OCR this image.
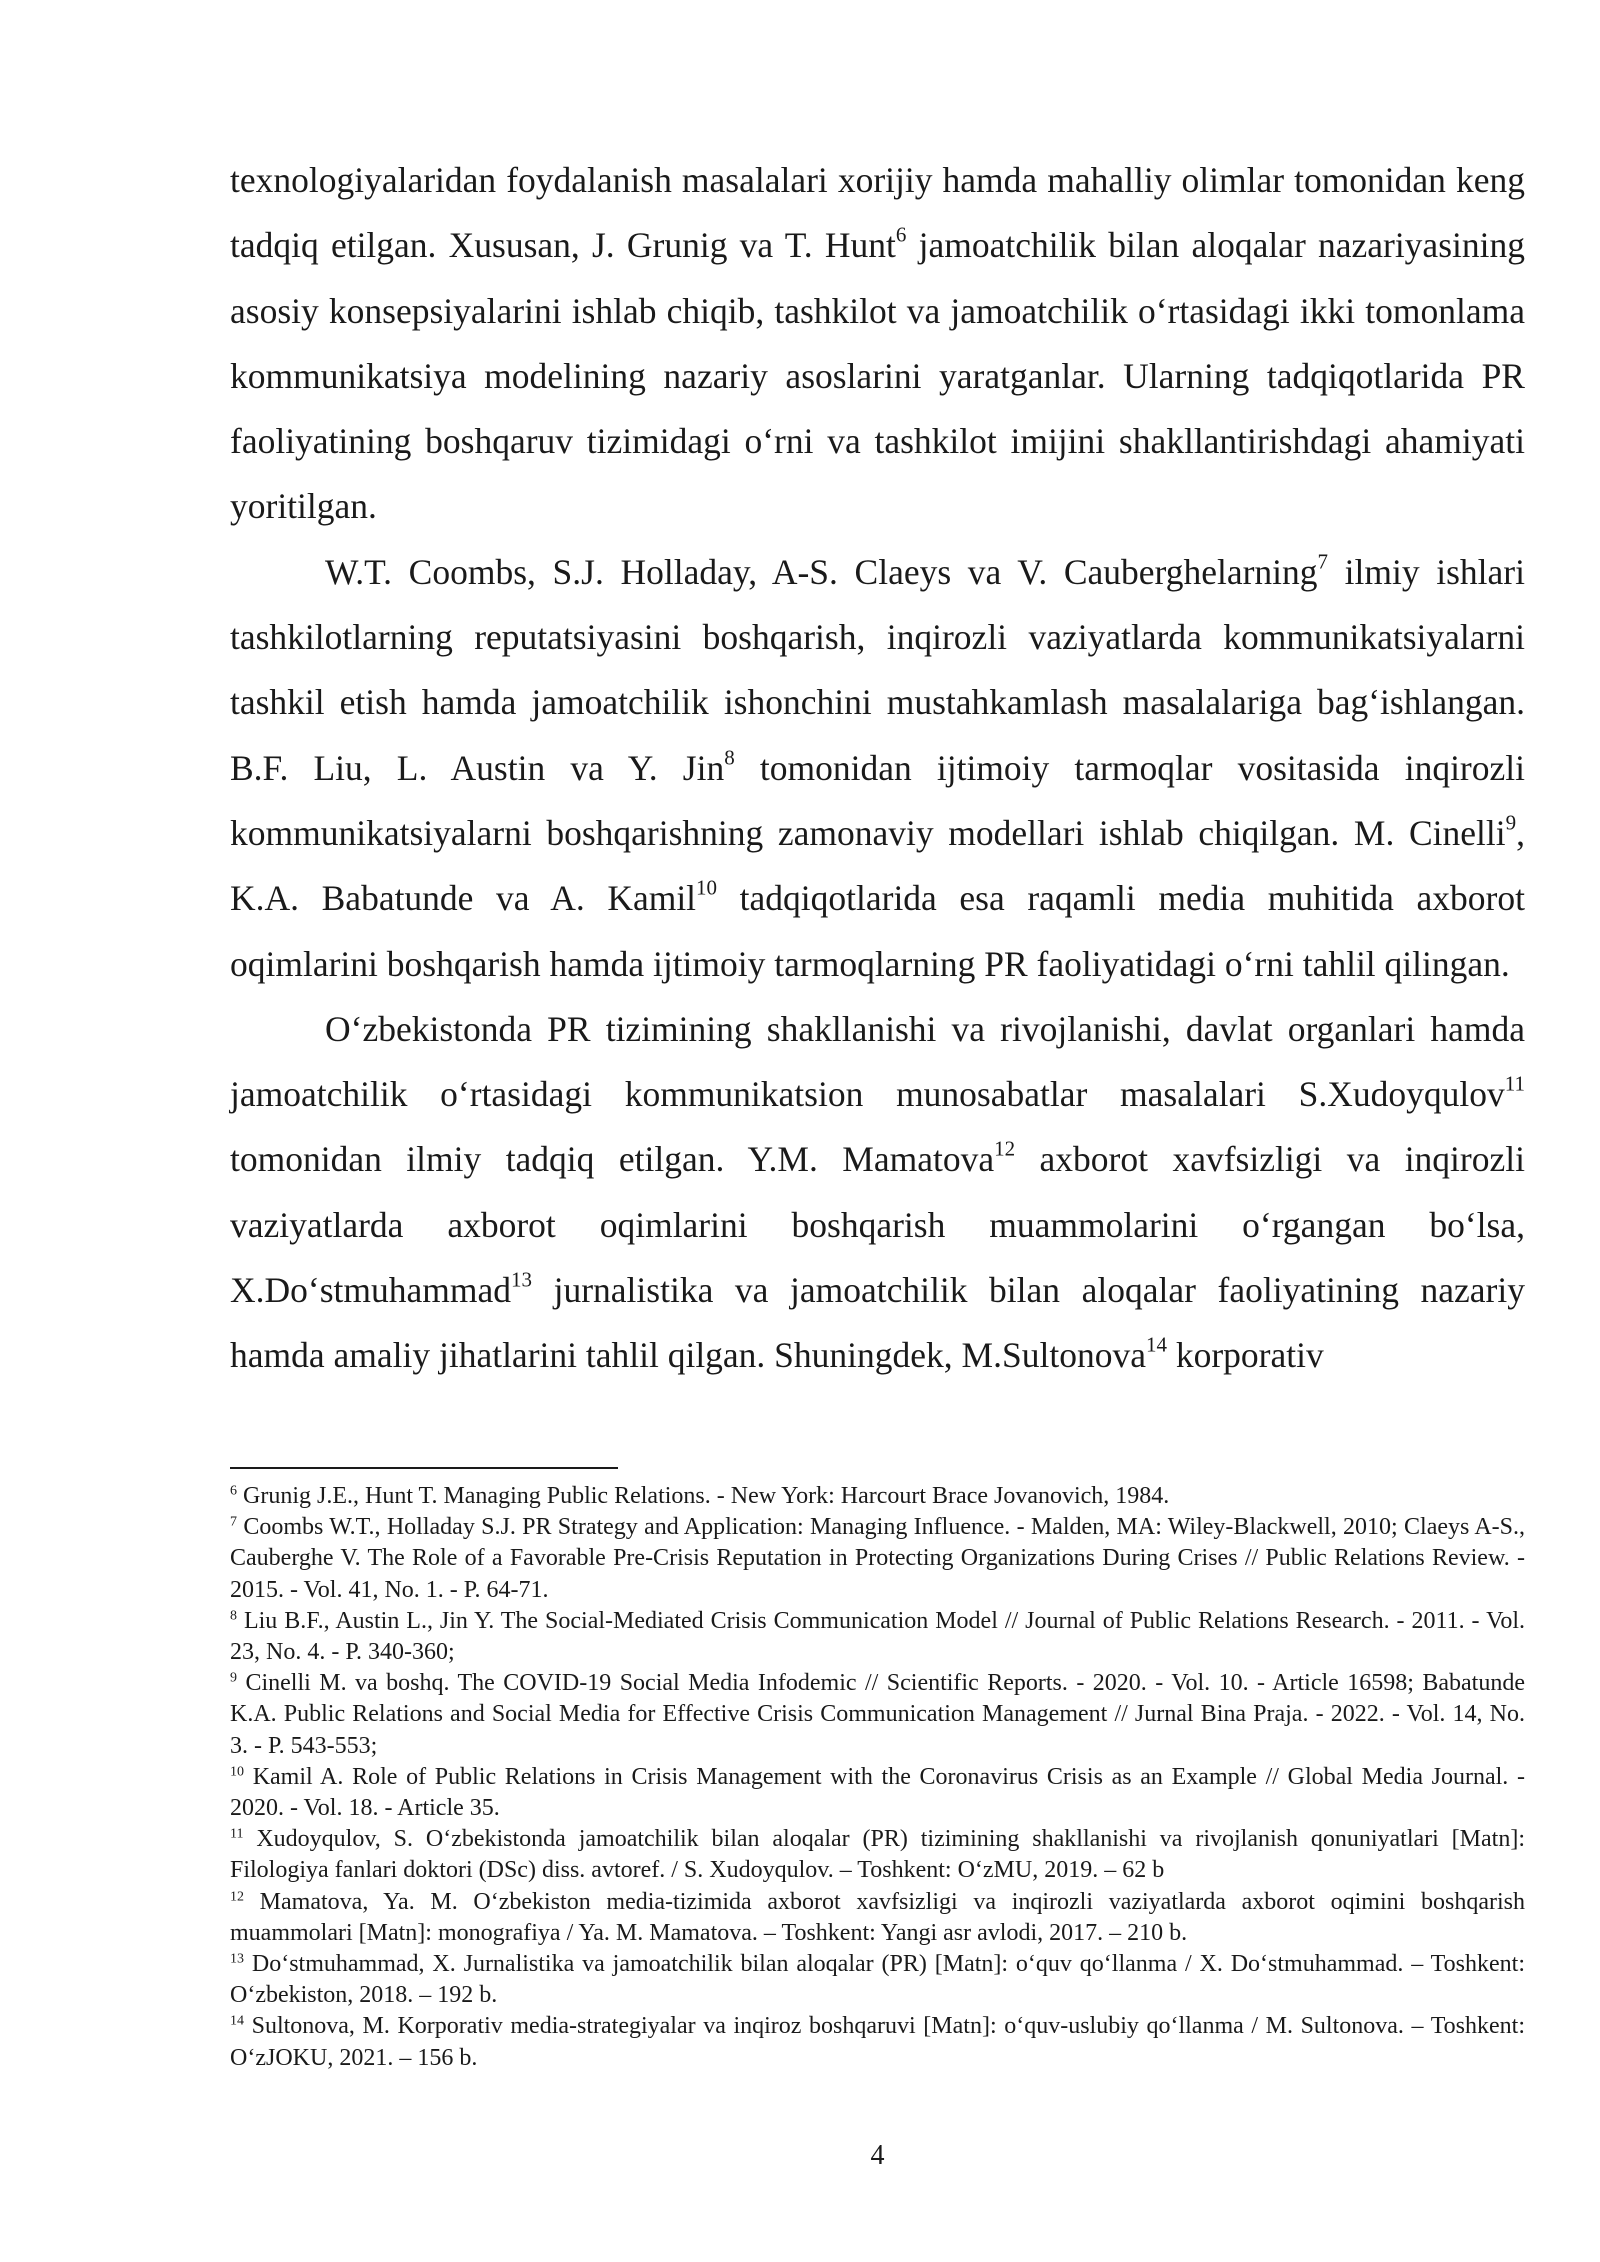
texnologiyalaridan foydalanish masalalari xorijiy hamda mahalliy olimlar tomonidan keng tadqiq etilgan. Xususan, J. Grunig va T. Hunt$^6$ jamoatchilik bilan aloqalar nazariyasining asosiy konsepsiyalarini ishlab chiqib, tashkilot va jamoatchilik o‘rtasidagi ikki tomonlama kommunikatsiya modelining nazariy asoslarini yaratganlar. Ularning tadqiqotlarida PR faoliyatining boshqaruv tizimidagi o‘rni va tashkilot imijini shakllantirishdagi ahamiyati yoritilgan.

W.T. Coombs, S.J. Holladay, A-S. Claeys va V. Cauberghelarning$^7$ ilmiy ishlari tashkilotlarning reputatsiyasini boshqarish, inqirozli vaziyatlarda kommunikatsiyalarni tashkil etish hamda jamoatchilik ishonchini mustahkamlash masalalariga bag‘ishlangan. B.F. Liu, L. Austin va Y. Jin$^8$ tomonidan ijtimoiy tarmoqlar vositasida inqirozli kommunikatsiyalarni boshqarishning zamonaviy modellari ishlab chiqilgan. M. Cinelli$^9$, K.A. Babatunde va A. Kamil$^{10}$ tadqiqotlarida esa raqamli media muhitida axborot oqimlarini boshqarish hamda ijtimoiy tarmoqlarning PR faoliyatidagi o‘rni tahlil qilingan.

O‘zbekistonda PR tizimining shakllanishi va rivojlanishi, davlat organlari hamda jamoatchilik o‘rtasidagi kommunikatsion munosabatlar masalalari S.Xudoyqulov$^{11}$ tomonidan ilmiy tadqiq etilgan. Y.M. Mamatova$^{12}$ axborot xavfsizligi va inqirozli vaziyatlarda axborot oqimlarini boshqarish muammolarini o‘rgangan bo‘lsa, X.Do‘stmuhammad$^{13}$ jurnalistika va jamoatchilik bilan aloqalar faoliyatining nazariy hamda amaliy jihatlarini tahlil qilgan. Shuningdek, M.Sultonova$^{14}$ korporativ

$^6$ Grunig J.E., Hunt T. Managing Public Relations. - New York: Harcourt Brace Jovanovich, 1984.

$^7$ Coombs W.T., Holladay S.J. PR Strategy and Application: Managing Influence. - Malden, MA: Wiley-Blackwell, 2010; Claeys A-S., Cauberghe V. The Role of a Favorable Pre-Crisis Reputation in Protecting Organizations During Crises // Public Relations Review. - 2015. - Vol. 41, No. 1. - P. 64-71.

$^8$ Liu B.F., Austin L., Jin Y. The Social-Mediated Crisis Communication Model // Journal of Public Relations Research. - 2011. - Vol. 23, No. 4. - P. 340-360;

$^9$ Cinelli M. va boshq. The COVID-19 Social Media Infodemic // Scientific Reports. - 2020. - Vol. 10. - Article 16598; Babatunde K.A. Public Relations and Social Media for Effective Crisis Communication Management // Jurnal Bina Praja. - 2022. - Vol. 14, No. 3. - P. 543-553;

$^{10}$ Kamil A. Role of Public Relations in Crisis Management with the Coronavirus Crisis as an Example // Global Media Journal. - 2020. - Vol. 18. - Article 35.

$^{11}$ Xudoyqulov, S. O‘zbekistonda jamoatchilik bilan aloqalar (PR) tizimining shakllanishi va rivojlanish qonuniyatlari [Matn]: Filologiya fanlari doktori (DSc) diss. avtoref. / S. Xudoyqulov. – Toshkent: O‘zMU, 2019. – 62 b

$^{12}$ Mamatova, Ya. M. O‘zbekiston media-tizimida axborot xavfsizligi va inqirozli vaziyatlarda axborot oqimini boshqarish muammolari [Matn]: monografiya / Ya. M. Mamatova. – Toshkent: Yangi asr avlodi, 2017. – 210 b.

$^{13}$ Do‘stmuhammad, X. Jurnalistika va jamoatchilik bilan aloqalar (PR) [Matn]: o‘quv qo‘llanma / X. Do‘stmuhammad. – Toshkent: O‘zbekiston, 2018. – 192 b.

$^{14}$ Sultonova, M. Korporativ media-strategiyalar va inqiroz boshqaruvi [Matn]: o‘quv-uslubiy qo‘llanma / M. Sultonova. – Toshkent: O‘zJOKU, 2021. – 156 b.

4
